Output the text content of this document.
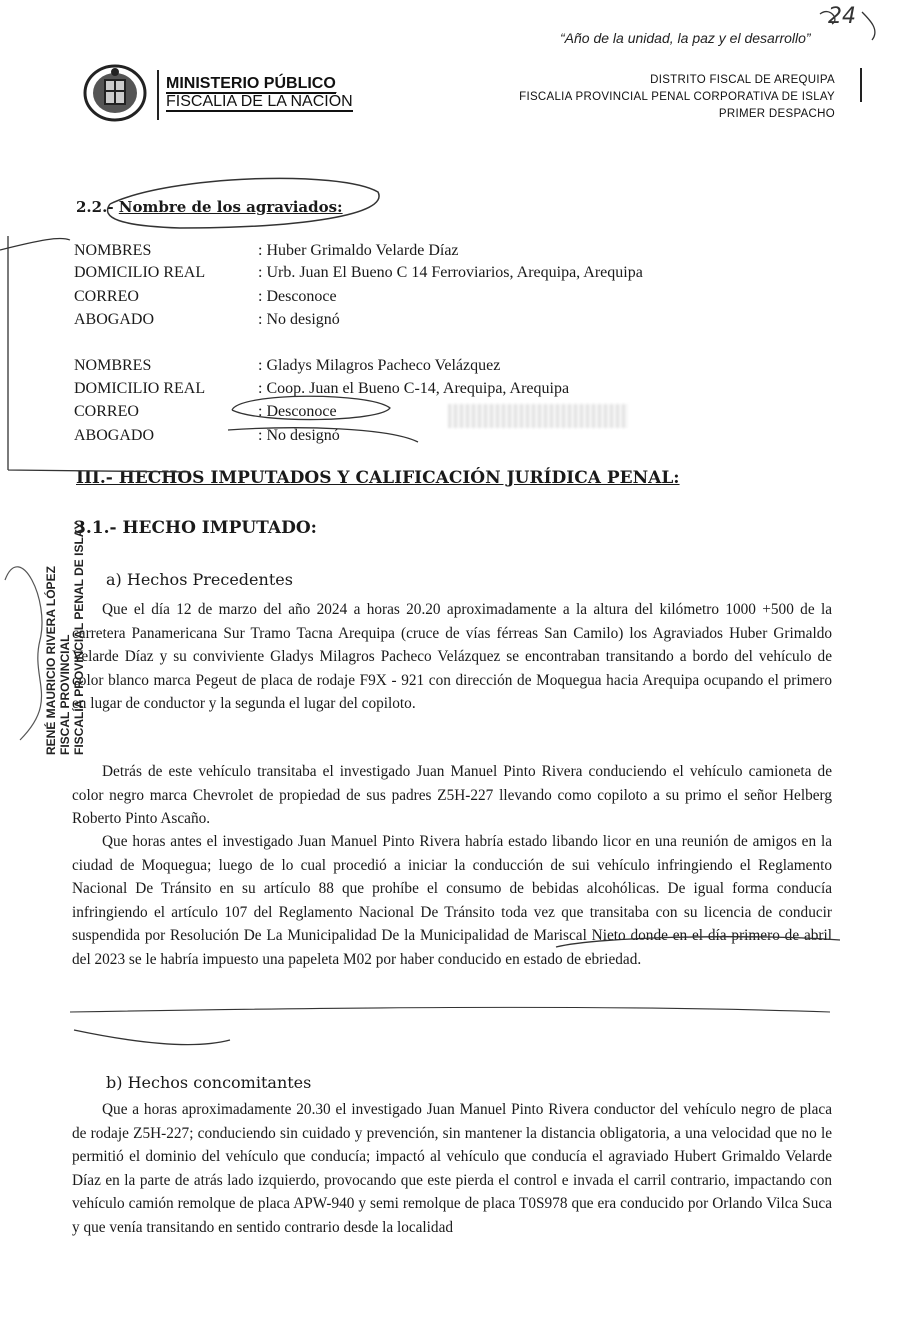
“Año de la unidad, la paz y el desarrollo”
24
MINISTERIO PÚBLICO
FISCALÍA DE LA NACIÓN
DISTRITO FISCAL DE AREQUIPA
FISCALIA PROVINCIAL PENAL CORPORATIVA DE ISLAY
PRIMER DESPACHO
2.2.- Nombre de los agraviados:
NOMBRES	: Huber Grimaldo Velarde Díaz
DOMICILIO REAL	: Urb. Juan El Bueno C 14 Ferroviarios, Arequipa, Arequipa
CORREO	: Desconoce
ABOGADO	: No designó
NOMBRES	: Gladys Milagros Pacheco Velázquez
DOMICILIO REAL	: Coop. Juan el Bueno C-14, Arequipa, Arequipa
CORREO	: Desconoce
ABOGADO	: No designó
III.- HECHOS IMPUTADOS Y CALIFICACIÓN JURÍDICA PENAL:
3.1.- HECHO IMPUTADO:
a) Hechos Precedentes
Que el día 12 de marzo del año 2024 a horas 20.20 aproximadamente a la altura del kilómetro 1000 +500 de la carretera Panamericana Sur Tramo Tacna Arequipa (cruce de vías férreas San Camilo) los Agraviados Huber Grimaldo Velarde Díaz y su conviviente Gladys Milagros Pacheco Velázquez se encontraban transitando a bordo del vehículo de color blanco marca Pegeut de placa de rodaje F9X - 921 con dirección de Moquegua hacia Arequipa ocupando el primero en lugar de conductor y la segunda el lugar del copiloto.
Detrás de este vehículo transitaba el investigado Juan Manuel Pinto Rivera conduciendo el vehículo camioneta de color negro marca Chevrolet de propiedad de sus padres Z5H-227 llevando como copiloto a su primo el señor Helberg Roberto Pinto Ascaño.
Que horas antes el investigado Juan Manuel Pinto Rivera habría estado libando licor en una reunión de amigos en la ciudad de Moquegua; luego de lo cual procedió a iniciar la conducción de sui vehículo infringiendo el Reglamento Nacional De Tránsito en su artículo 88 que prohíbe el consumo de bebidas alcohólicas. De igual forma conducía infringiendo el artículo 107 del Reglamento Nacional De Tránsito toda vez que transitaba con su licencia de conducir suspendida por Resolución De La Municipalidad De la Municipalidad de Mariscal Nieto donde en el día primero de abril del 2023 se le habría impuesto una papeleta M02 por haber conducido en estado de ebriedad.
b) Hechos concomitantes
Que a horas aproximadamente 20.30 el investigado Juan Manuel Pinto Rivera conductor del vehículo negro de placa de rodaje Z5H-227; conduciendo sin cuidado y prevención, sin mantener la distancia obligatoria, a una velocidad que no le permitió el dominio del vehículo que conducía; impactó al vehículo que conducía el agraviado Hubert Grimaldo Velarde Díaz en la parte de atrás lado izquierdo, provocando que este pierda el control e invada el carril contrario, impactando con vehículo camión remolque de placa APW-940 y semi remolque de placa T0S978 que era conducido por Orlando Vilca Suca y que venía transitando en sentido contrario desde la localidad
RENÉ MAURICIO RIVERA LÓPEZ FISCAL PROVINCIAL FISCALÍA PROVINCIAL PENAL DE ISLAY
